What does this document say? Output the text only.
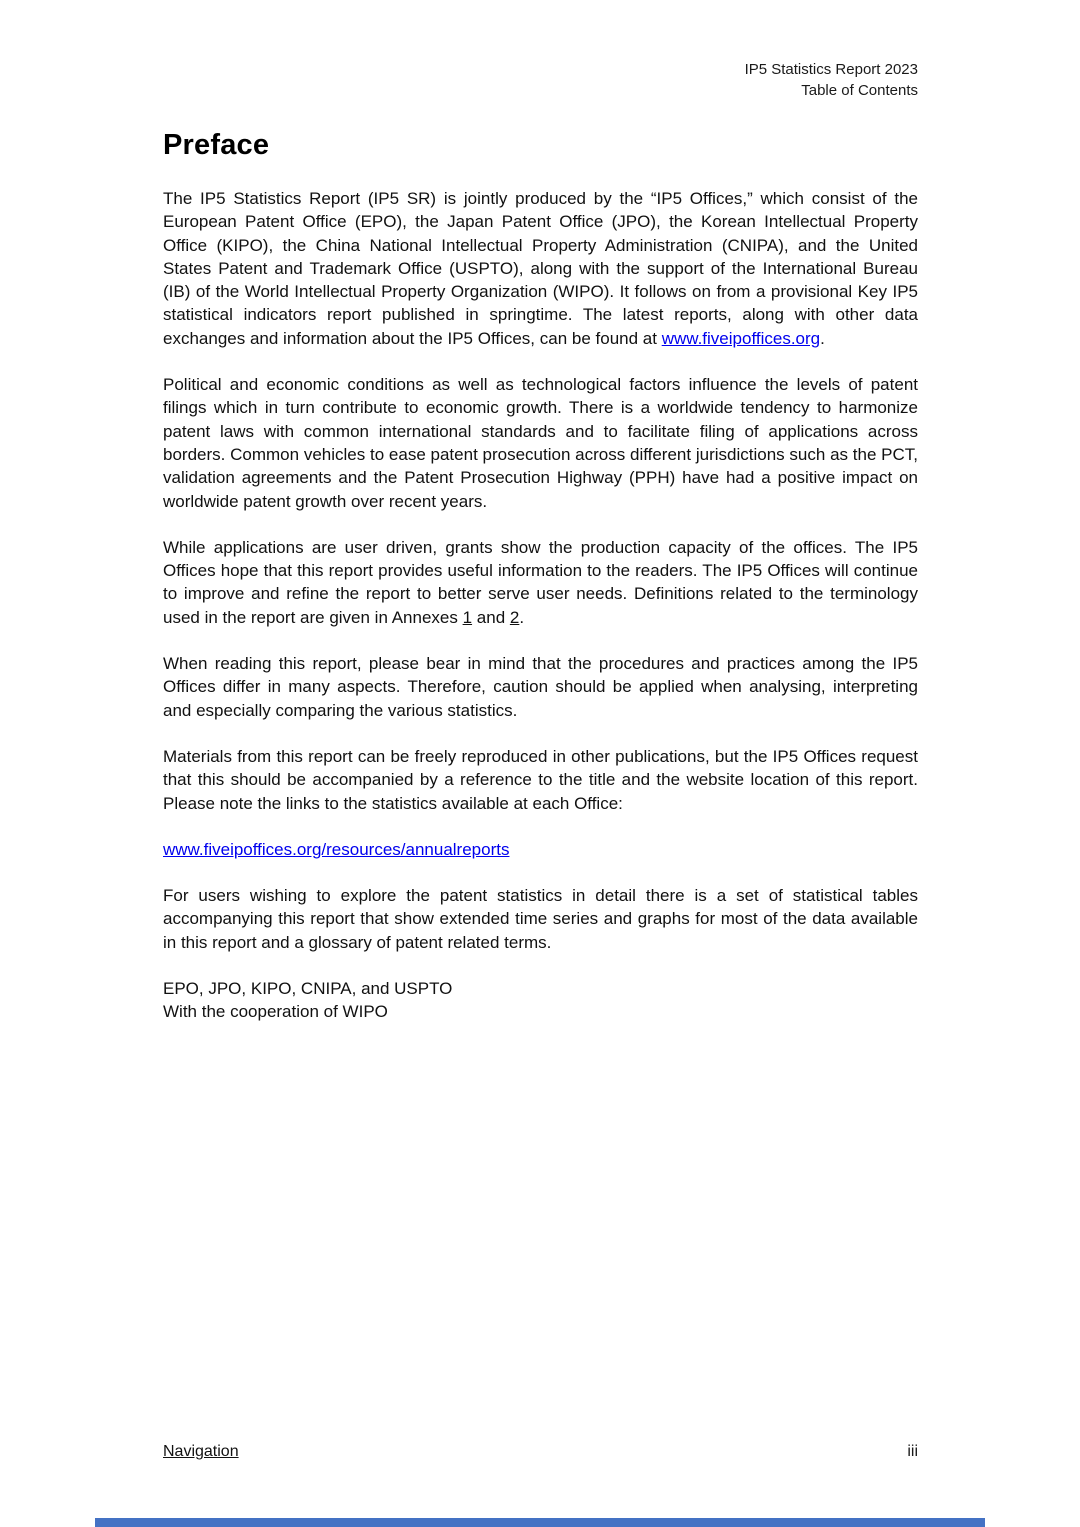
IP5 Statistics Report 2023
Table of Contents
Preface

The IP5 Statistics Report (IP5 SR) is jointly produced by the “IP5 Offices,” which consist of the European Patent Office (EPO), the Japan Patent Office (JPO), the Korean Intellectual Property Office (KIPO), the China National Intellectual Property Administration (CNIPA), and the United States Patent and Trademark Office (USPTO), along with the support of the International Bureau (IB) of the World Intellectual Property Organization (WIPO). It follows on from a provisional Key IP5 statistical indicators report published in springtime. The latest reports, along with other data exchanges and information about the IP5 Offices, can be found at www.fiveipoffices.org.

Political and economic conditions as well as technological factors influence the levels of patent filings which in turn contribute to economic growth. There is a worldwide tendency to harmonize patent laws with common international standards and to facilitate filing of applications across borders. Common vehicles to ease patent prosecution across different jurisdictions such as the PCT, validation agreements and the Patent Prosecution Highway (PPH) have had a positive impact on worldwide patent growth over recent years.

While applications are user driven, grants show the production capacity of the offices. The IP5 Offices hope that this report provides useful information to the readers. The IP5 Offices will continue to improve and refine the report to better serve user needs. Definitions related to the terminology used in the report are given in Annexes 1 and 2.

When reading this report, please bear in mind that the procedures and practices among the IP5 Offices differ in many aspects. Therefore, caution should be applied when analysing, interpreting and especially comparing the various statistics.

Materials from this report can be freely reproduced in other publications, but the IP5 Offices request that this should be accompanied by a reference to the title and the website location of this report. Please note the links to the statistics available at each Office:

www.fiveipoffices.org/resources/annualreports

For users wishing to explore the patent statistics in detail there is a set of statistical tables accompanying this report that show extended time series and graphs for most of the data available in this report and a glossary of patent related terms.

EPO, JPO, KIPO, CNIPA, and USPTO
With the cooperation of WIPO

Navigation	iii
